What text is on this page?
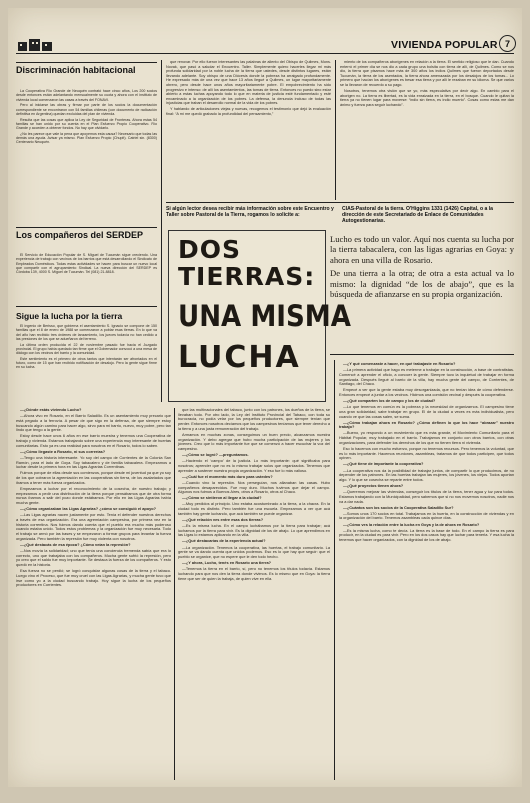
VIVIENDA POPULAR 7
Discriminación habitacional

La Cooperativa Río Grande de Neuquén contrató hace cinco años, Los 200 socios desde entonces están adelantando mensualmente su cuota y ahora con el instituto de vivienda local comenzaron las casas a través del FONAVI.

Pero al iniciarse las obras y firmar por parte de los socios la documentación correspondiente se encontraron con 54 familias chilenas (con documento de radicación definitiva en Argentina) quedan excluidas del plan de vivienda.

Resulta que las cosas que aplica la Ley de Seguridad de Fronteras. Ahora estas 54 familias se han unido por su cuenta en el Plan Esfuerzo Propio Cooperativo. Río Grande y acceden a obtener fondos. No hay que olvidarlo.

¿No les parece que vale la pena que apoyemos esta causa? Necesario que todas las demás una ayuda. Avisar ya mismo. Plan Esfuerzo Propio (Chupit). Catriel sin. (8300) Centenario Neuquén.

Los compañeros del SERDEP

El Servicio de Educación Popular de S. Miguel de Tucumán sigue creciendo. Una experiencia de trabajo con vecinos de los barrios que está desarrollando el Sindicato de Empleados Domésticos. Todas estas actividades se hacen para buscar un nuevo local que compartir con el agrupamiento Sindical. La nueva dirección del SERDEP es Córdoba 139, 4000 S. Miguel de Tucumán. Tel (081) 21-8818.

Sigue la lucha por la tierra

El ingenio de Berisso, que gobierna el asentamiento S. Ignacio se compone de 150 familias que el 8 de enero de 1988 se comenzaron a poblar esas tierras. En lo que va del año han recibido tres órdenes de lanzamiento, los jueces todavía no han cedido a las presiones de los que se adueñaron del terreno.

La última orden producida el 22 de noviembre pasado fue hacia el Juzgado provincial. El grupo había quedado tan firme que el Gobernador convocó a una mesa de diálogo con los vecinos del barrio y la comunidad.

Este sentimiento es el primero de otros tantos que intentarán ser afrontados en el futuro, como de 15 que han recibido notificación de desalojo. Pero la gente sigue firme en su lucha.

que renovar. Por ello fueron interesantes las palabras de aliento del Obispo de Quilmes, Mons. Novak, que pasó a saludar el Encuentro. Taller. Simplemente quiero hacerles llegar mi más profunda solidaridad por la noble lucha de la tierra que ustedes, desde distintos lugares, están llevando adelante. Soy obispo de una Diócesis donde la pobreza ha arraigado profundamente. He expresado más de una vez que hace 13 años llegué a Quilmes, un lugar mayoritariamente obrero, pero desde hace unos años mayoritariamente pobre. El empobrecimiento ha sido progresivo e intenso: de allí los asentamientos, las tomas de tierra. Entonces no puedo sino estar abierto a estas luchas apoyando todo lo que en materia de justicia esté fundamentado y esté encaminado a la organización de los pobres. La defensa, la denuncia incluso de todas las injusticias que traban el desarrollo normal de la vida de los pobres.

Y hablando de articulaciones viejas y nuevas, recogemos el testimonio que dejó la evaluación final: “A mí me quedó grabado la profundidad del pensamiento,”

miento de los compañeros aborígenes en relación a la tierra. El sentido religioso que le dan. Cuando enterró el primer día se nos dio a cada grupo una bolsita con tierra de allí, de Quilmes. Como se nos dio, la tierra que pisamos hace más de 300 años los indios Quilmes que fueron deportados desde Tucumán, la tierra de los asentados, la tierra ahora amenazada por los desalojos de los tomas... Lo primero que hacían los aborígenes es besar esa tierra y por allí le rezaban en su idioma. Se que varios se la llevaron de recuerdo a su pago.

Nosotros, tenemos otra visión que se yo, más especulativa por decir algo. En cambio para el aborigen no. La tierra es libertad, es la vida enraizada en la tierra, en el bosque. Cuando le quitan la tierra ya no tienen lugar para moverse: “indio sin tierra, es indio muerto”. Cosas como estas me dan ánimo y fuerza para seguir luchando”.

Si algún lector desea recibir más información sobre este Encuentro y Taller sobre Pastoral de la Tierra, rogamos lo solicite a:
CIAS-Pastoral de la tierra. O'Higgins 1331 (1426) Capital, o a la dirección de este Secretariado de Enlace de Comunidades Autogestionarias.
DOS
TIERRAS:
UNA MISMA
LUCHA

Lucho es todo un valor. Aquí nos cuenta su lucha por la tierra tabacalera, con las ligas agrarias en Goya: y ahora en una villa de Rosario.

De una tierra a la otra; de otra a esta actual va lo mismo: la dignidad “de los de abajo”, que es la búsqueda de afianzarse en su propia organización.

—¿Dónde estás viviendo Lucho?

—Ahora vivo en Rosario, en el Barrio Saladillo. Es un asentamiento muy precario que está pegado a la ferrovía. A pesar de que sigo en la defensa, de que siempre estoy buscando algún camino para hacer algo, sirvo para mi barrio, nuevo, muy pobre, pero tan lindo que tengo a la gente.

Estoy desde hace unos 6 años en ese barrio muestra y tenemos una Cooperativa de trabajo y vivienda. Estamos trabajando sobre una experiencia muy interesante de huertas comunitarias. Esto ya es una realidad para nosotros en el Rosario, todos lo saben.

—¿Cómo llegaste a Rosario, ni sus correrías?

—Tengo una historia interesante. Yo soy del campo de Corrientes de la Colonia San Ramón, para el lado de Goya. Soy tabacalero y de familia tabacalera. Empezamos a luchar desde la primera hora en las Ligas Agrarias Correntinas.

Fuimos porque de ellas desde sus comienzos, porque desde mi juventud ya que yo soy de los que cobraron la agremiación en las cooperativas sin tierra, de los asalariados que íbamos a tener más fuerza organizados.

Empezamos a luchar por el reconocimiento de la cosecha, de nuestro trabajo; y empezamos a pedir una distribución de la tierra porque pensábamos que de otra forma nunca íbamos a salir del pozo donde estábamos. Por ello en las Ligas Agrarias había mucha gente.

—¿Cómo organizaban las Ligas Agrarias? ¿cómo se consiguió el apoyo?

—Las Ligas agrarias nacen justamente por esto. Tenía el defender nuestros derechos a través de esa organización. Era una agremiación campesina, por primera vez en la historia correntina. Nos fuimos dando cuenta que el pueblo era mucho más poderoso cuando estaba unido. Todos estos problemas y la organización fue muy necesaria. Todo el trabajo se armó por las bases y se empezaron a formar grupos para levantar la fuerza organizada. Pero también la represión fue muy violenta con nosotros.

—¿Qué destacás de esa época? ¿Cómo veían la represión?

—Nos movía la solidaridad; uno que tenía una conciencia tremenda sabía que era lo correcto, uno que trabajaba con los compañeros. Mucha gente sufrió la represión, pero yo creo que el saldo fue muy importante. Se destaca la fuerza de los compañeros. Y esto quedó en la historia.

Esa fuerza no se perdió; se logró conquistar algunas cosas de la tierra y el tabaco. Luego vino el Proceso, que fue muy cruel con las Ligas Agrarias, y mucha gente tuvo que irse como yo a la ciudad buscando trabajo. Hoy sigue la lucha de los pequeños productores en Corrientes.

que las multinacionales del tabaco, junto con los patrones, los dueños de la tierra, se llevaban todo. Por otro lado, la Ley del Instituto Provincial del Tabaco, con toda su burocracia, no podía velar por los pequeños productores, que siempre tenían que perder. Entonces nosotros decíamos que los campesinos teníamos que tener derecho a la tierra y a una justa remuneración del trabajo.

Armamos en muchas zonas, conseguimos un buen precio, alcanzamos nuestra organización. Y debo agregar que hubo mucha participación de las mujeres y los jóvenes. Creo que lo más importante fue que se comenzó a hacer escuchar la voz del campesino.

—¿Cómo se logró? —preguntamos.

—Haciendo el ‘campo’ de la justicia. Lo más importante: qué significaba para nosotros; aprender que no es lo mismo trabajar solos que organizados. Tenemos que aprender a sostener nuestra propia organización. Y eso fue lo más valioso.

—¿Cuál fue el momento más duro para ustedes?

—Cuando vino la represión. Nos perseguían, nos allanaban las casas. Hubo compañeros desaparecidos. Fue muy duro. Muchos tuvimos que dejar el campo. Algunos nos fuimos a Buenos Aires, otros a Rosario, otros al Chaco.

—¿Cómo se sintieron al llegar a la ciudad?

—Muy perdidos al principio. Uno estaba acostumbrado a la tierra, a la chacra. En la ciudad todo es distinto. Pero también fue una escuela. Empezamos a ver que acá también hay gente luchando, que acá también se puede organizar.

—¿Qué relación ves entre esas dos tierras?

—Es la misma lucha. En el campo luchábamos por la tierra para trabajar; acá luchamos por la tierra para vivir. Es la dignidad de los de abajo. Lo que aprendimos en las Ligas lo estamos aplicando en la villa.

—¿Qué destacarías de la experiencia actual?

—La organización. Tenemos la cooperativa, las huertas, el trabajo comunitario. La gente se va dando cuenta que unidos podemos. Eso es lo que hay que seguir: que el pueblo se organice, que no espere que le den todo hecho.

—¿Y ahora, Lucho, tenés en Rosario una tierra?

—Tenemos la tierra en el barrio, sí, pero no tenemos los títulos todavía. Estamos luchando para que nos den la tierra donde vivimos. Es lo mismo que en Goya: la tierra tiene que ser de quien la trabaja, de quien vive en ella.

—¿Y qué comenzaste a hacer, en qué trabajaste en Rosario?

—La primera actividad que hago es meterme a trabajar en la construcción, a base de contratistas. Comencé a aprender el oficio, a conocer la gente. Siempre tuvo la inquietud de trabajar en forma organizada. Después llegué al barrio de la villa, hay mucha gente del campo, de Corrientes, de Santiago, del Chaco.

Empecé a ver que la gente estaba muy desorganizada, que no tenían idea de cómo defenderse. Entonces empecé a juntar a los vecinos. Hicimos una comisión vecinal y después la cooperativa.

—¿Qué comparten los de campo y los de ciudad?

—Lo que tenemos en común es la pobreza y la necesidad de organizarnos. El campesino tiene una gran solidaridad, sabe trabajar en grupo. El de la ciudad a veces es más individualista, pero cuando ve que las cosas salen, se suma.

—¿Cómo trabajan ahora en Rosario? ¿Cómo definen lo que los hace “abrazar” nuestro trabajo?

—Bueno, yo respondo a un movimiento que es más grande, el Movimiento Comunitario para el Hábitat Popular, muy trabajado en el barrio. Trabajamos en conjunto con otros barrios, con otras organizaciones, para defender los derechos de los que no tienen tierra ni vivienda.

Eso lo hacemos con mucho esfuerzo, porque no tenemos recursos. Pero tenemos la voluntad, que es lo más importante. Hacemos reuniones, asambleas, tratamos de que todos participen, que todos opinen.

—¿Qué tiene de importante la cooperativa?

—La cooperativa nos da la posibilidad de trabajar juntos, de compartir lo que producimos, de no depender de los patrones. En las huertas trabajan las mujeres, los jóvenes, los viejos. Todos aportan algo. Y lo que se cosecha se reparte entre todos.

—¿Qué proyectos tienen ahora?

—Queremos mejorar las viviendas, conseguir los títulos de la tierra, tener agua y luz para todos. Estamos trabajando con la Municipalidad, pero sabemos que si no nos movemos nosotros, nadie nos va a dar nada.

—¿Cuántos son los socios de la Cooperativa Saladillo Sur?

—Somos unos 170 socios en total. Trabajamos en la huerta, en la construcción de viviendas y en la organización del barrio. Tenemos asambleas cada quince días.

—¿Cómo ves la relación entre la lucha en Goya y la de ahora en Rosario?

—Es la misma lucha, como te decía. La tierra es la base de todo. En el campo la tierra es para producir, en la ciudad es para vivir. Pero en los dos casos hay que luchar para tenerla. Y esa lucha la tenemos que hacer organizados, con la dignidad de los de abajo.
